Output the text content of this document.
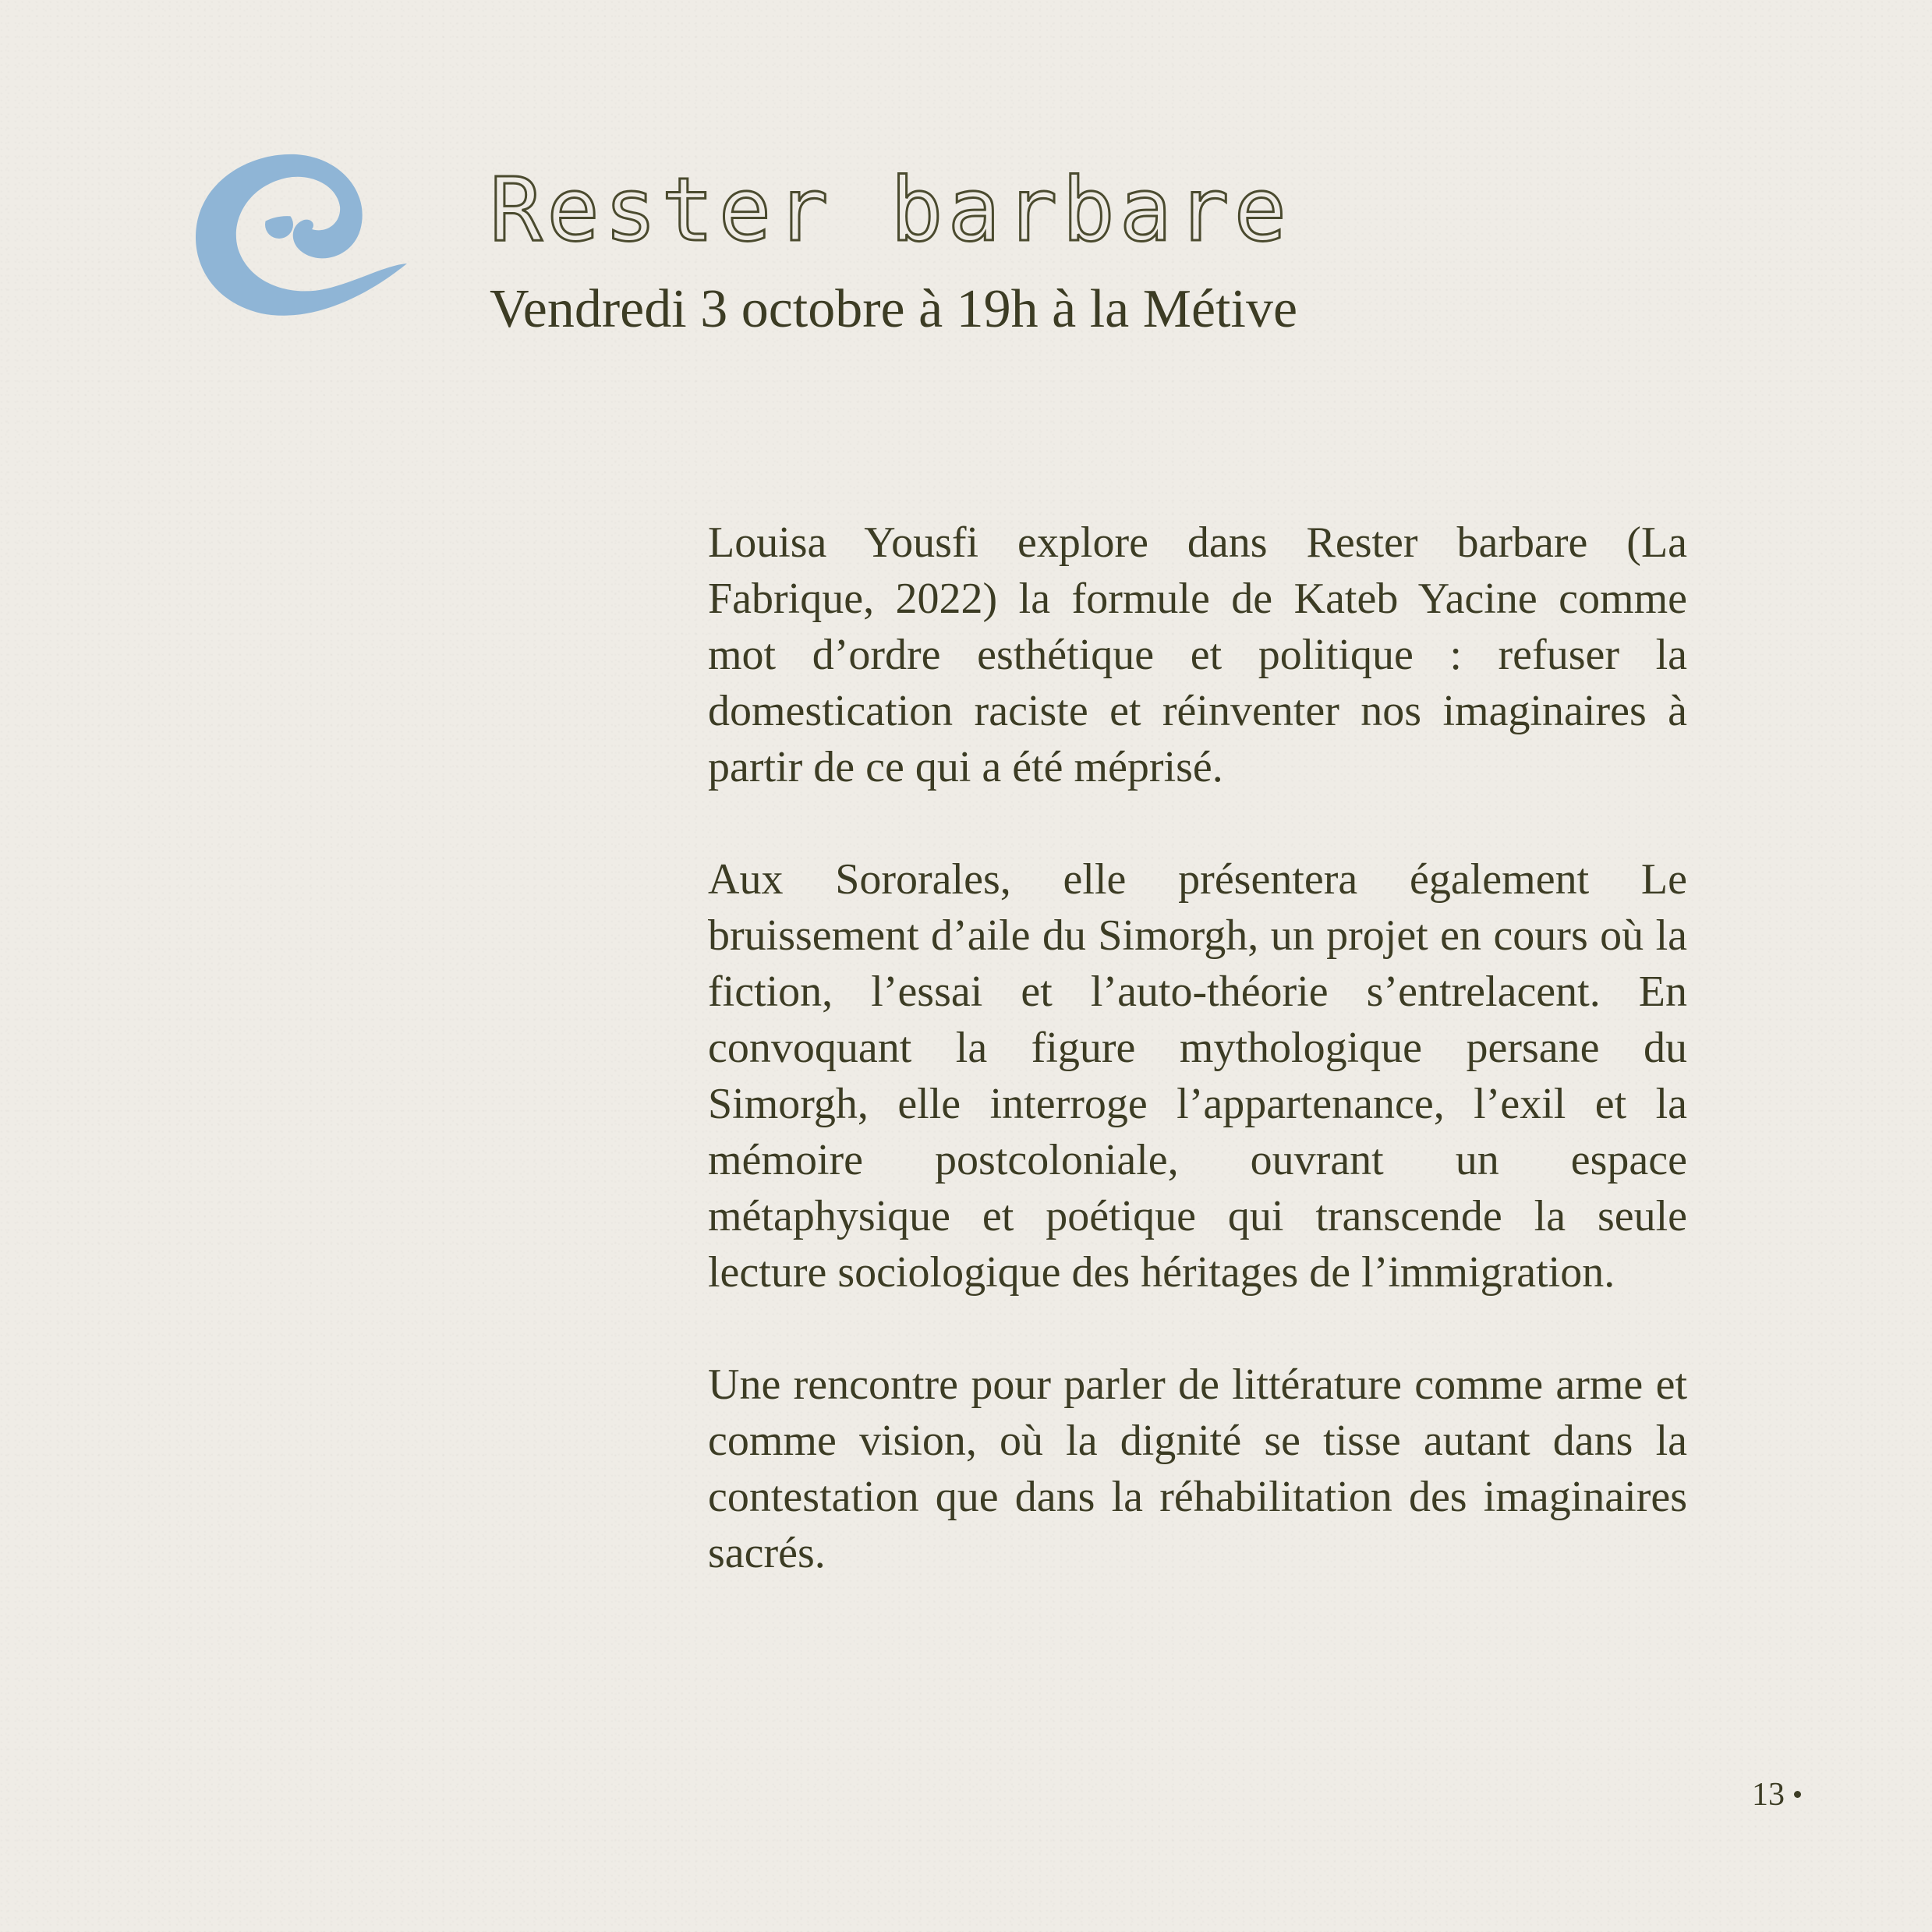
Rester barbare
Vendredi 3 octobre à 19h à la Métive

Louisa Yousfi explore dans Rester barbare (La Fabrique, 2022) la formule de Kateb Yacine comme mot d’ordre esthétique et politique : refuser la domestication raciste et réinventer nos imaginaires à partir de ce qui a été méprisé.

Aux Sororales, elle présentera également Le bruissement d’aile du Simorgh, un projet en cours où la fiction, l’essai et l’auto-théorie s’entrelacent. En convoquant la figure mythologique persane du Simorgh, elle interroge l’appartenance, l’exil et la mémoire postcoloniale, ouvrant un espace métaphysique et poétique qui transcende la seule lecture sociologique des héritages de l’immigration.

Une rencontre pour parler de littérature comme arme et comme vision, où la dignité se tisse autant dans la contestation que dans la réhabilitation des imaginaires sacrés.

13
